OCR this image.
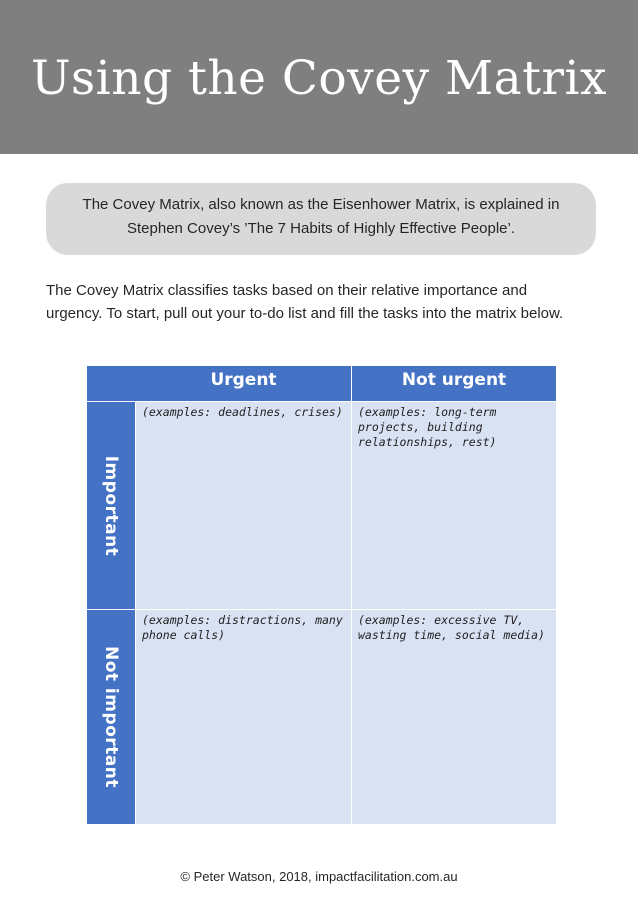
Using the Covey Matrix
The Covey Matrix, also known as the Eisenhower Matrix, is explained in Stephen Covey’s ’The 7 Habits of Highly Effective People’.
The Covey Matrix classifies tasks based on their relative importance and urgency. To start, pull out your to-do list and fill the tasks into the matrix below.
Urgent	Not urgent
Important
Not important
(examples: deadlines, crises)	(examples: long-term projects, building relationships, rest)
(examples: distractions, many phone calls)
(examples: excessive TV, wasting time, social media)
© Peter Watson, 2018, impactfacilitation.com.au
